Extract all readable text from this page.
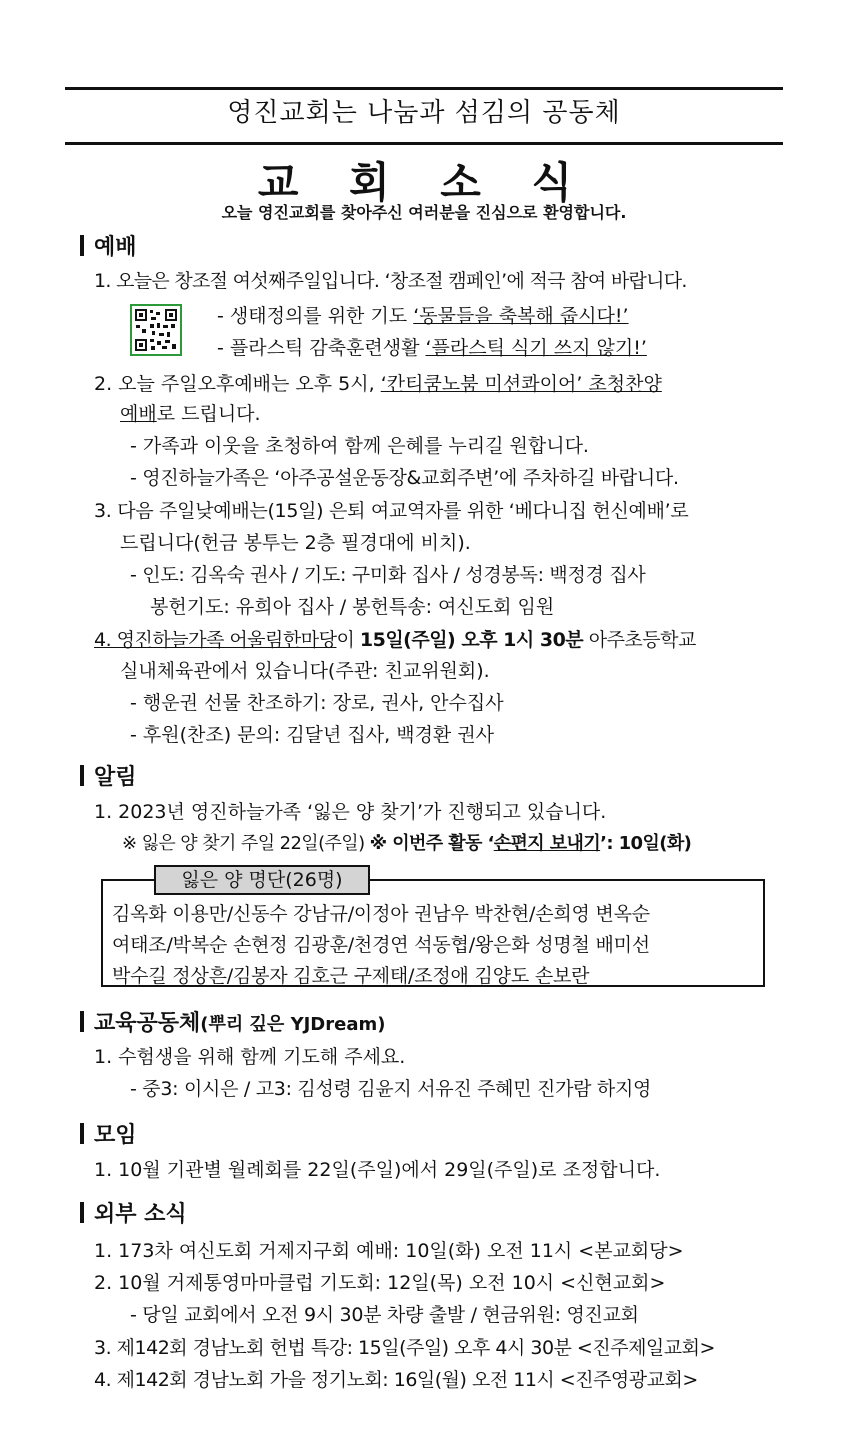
영진교회는 나눔과 섬김의 공동체
교 회 소 식
오늘 영진교회를 찾아주신 여러분을 진심으로 환영합니다.
예배
1. 오늘은 창조절 여섯째주일입니다. ‘창조절 캠페인’에 적극 참여 바랍니다.
- 생태정의를 위한 기도 ‘동물들을 축복해 줍시다!’
- 플라스틱 감축훈련생활 ‘플라스틱 식기 쓰지 않기!’
2. 오늘 주일오후예배는 오후 5시, ‘칸티쿰노붐 미션콰이어’ 초청찬양
예배로 드립니다.
- 가족과 이웃을 초청하여 함께 은혜를 누리길 원합니다.
- 영진하늘가족은 ‘아주공설운동장&교회주변’에 주차하길 바랍니다.
3. 다음 주일낮예배는(15일) 은퇴 여교역자를 위한 ‘베다니집 헌신예배’로
드립니다(헌금 봉투는 2층 필경대에 비치).
- 인도: 김옥숙 권사 / 기도: 구미화 집사 / 성경봉독: 백정경 집사
봉헌기도: 유희아 집사 / 봉헌특송: 여신도회 임원
4. 영진하늘가족 어울림한마당이 15일(주일) 오후 1시 30분 아주초등학교
실내체육관에서 있습니다(주관: 친교위원회).
- 행운권 선물 찬조하기: 장로, 권사, 안수집사
- 후원(찬조) 문의: 김달년 집사, 백경환 권사
알림
1. 2023년 영진하늘가족 ‘잃은 양 찾기’가 진행되고 있습니다.
※ 잃은 양 찾기 주일 22일(주일) ※ 이번주 활동 ‘손편지 보내기’: 10일(화)
잃은 양 명단(26명)
김옥화 이용만/신동수 강남규/이정아 권남우 박찬현/손희영 변옥순
여태조/박복순 손현정 김광훈/천경연 석동협/왕은화 성명철 배미선
박수길 정상흔/김봉자 김호근 구제태/조정애 김양도 손보란
교육공동체(뿌리 깊은 YJDream)
1. 수험생을 위해 함께 기도해 주세요.
- 중3: 이시은 / 고3: 김성령 김윤지 서유진 주혜민 진가람 하지영
모임
1. 10월 기관별 월례회를 22일(주일)에서 29일(주일)로 조정합니다.
외부 소식
1. 173차 여신도회 거제지구회 예배: 10일(화) 오전 11시 <본교회당>
2. 10월 거제통영마마클럽 기도회: 12일(목) 오전 10시 <신현교회>
- 당일 교회에서 오전 9시 30분 차량 출발 / 현금위원: 영진교회
3. 제142회 경남노회 헌법 특강: 15일(주일) 오후 4시 30분 <진주제일교회>
4. 제142회 경남노회 가을 정기노회: 16일(월) 오전 11시 <진주영광교회>
